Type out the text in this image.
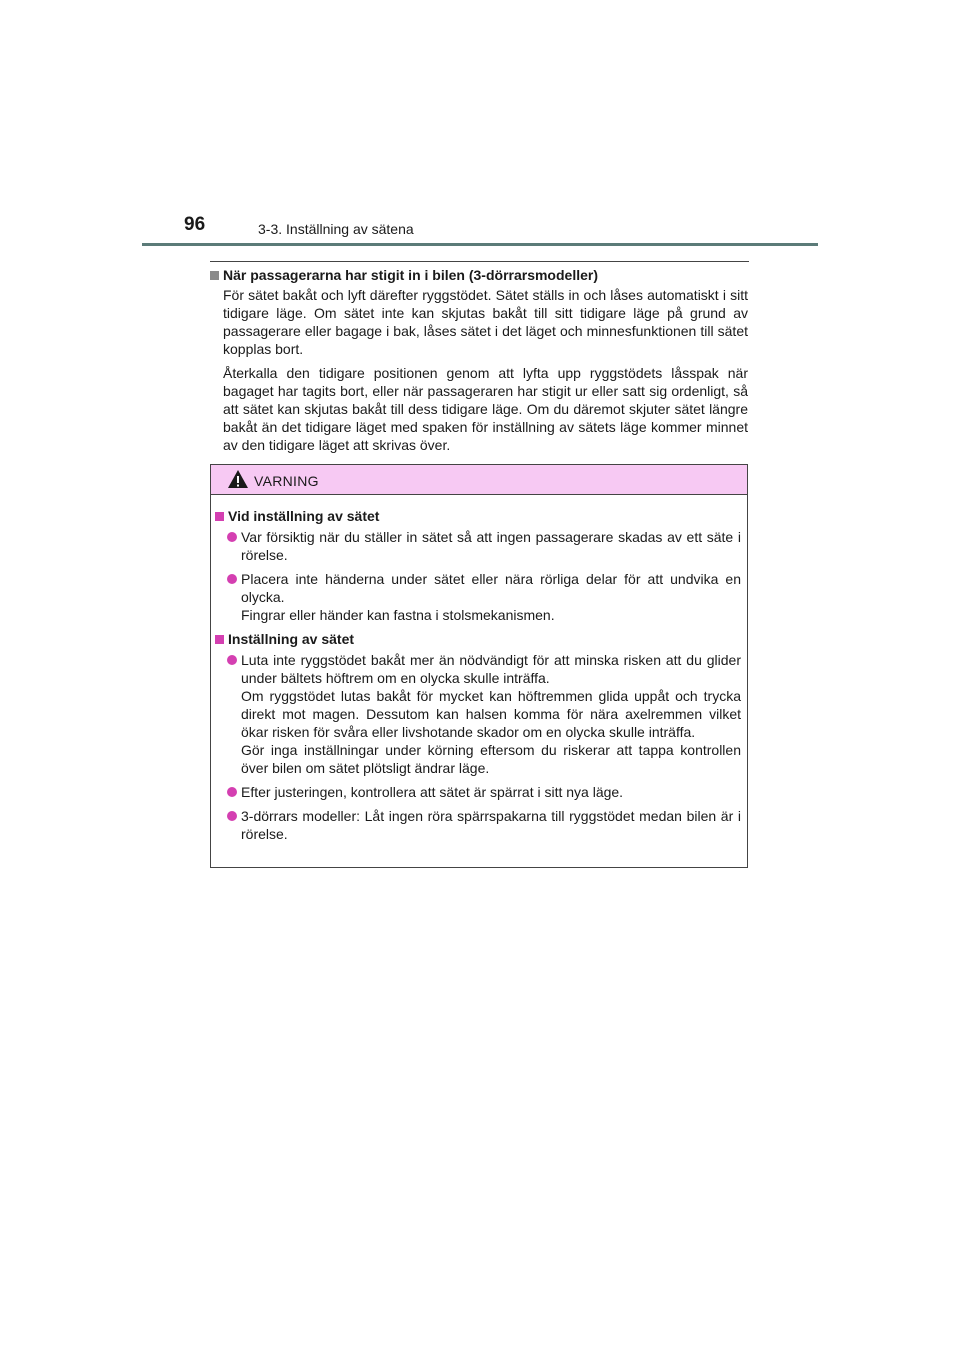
96	3-3. Inställning av sätena

När passagerarna har stigit in i bilen (3-dörrarsmodeller)

För sätet bakåt och lyft därefter ryggstödet. Sätet ställs in och låses automatiskt i sitt tidigare läge. Om sätet inte kan skjutas bakåt till sitt tidigare läge på grund av passagerare eller bagage i bak, låses sätet i det läget och minnesfunktionen till sätet kopplas bort.

Återkalla den tidigare positionen genom att lyfta upp ryggstödets låsspak när bagaget har tagits bort, eller när passageraren har stigit ur eller satt sig ordenligt, så att sätet kan skjutas bakåt till dess tidigare läge. Om du däremot skjuter sätet längre bakåt än det tidigare läget med spaken för inställning av sätets läge kommer minnet av den tidigare läget att skrivas över.

VARNING

Vid inställning av sätet

Var försiktig när du ställer in sätet så att ingen passagerare skadas av ett säte i rörelse.
Placera inte händerna under sätet eller nära rörliga delar för att undvika en olycka.
Fingrar eller händer kan fastna i stolsmekanismen.

Inställning av sätet

Luta inte ryggstödet bakåt mer än nödvändigt för att minska risken att du glider under bältets höftrem om en olycka skulle inträffa.
Om ryggstödet lutas bakåt för mycket kan höftremmen glida uppåt och trycka direkt mot magen. Dessutom kan halsen komma för nära axelremmen vilket ökar risken för svåra eller livshotande skador om en olycka skulle inträffa.
Gör inga inställningar under körning eftersom du riskerar att tappa kontrollen över bilen om sätet plötsligt ändrar läge.
Efter justeringen, kontrollera att sätet är spärrat i sitt nya läge.
3-dörrars modeller: Låt ingen röra spärrspakarna till ryggstödet medan bilen är i rörelse.
